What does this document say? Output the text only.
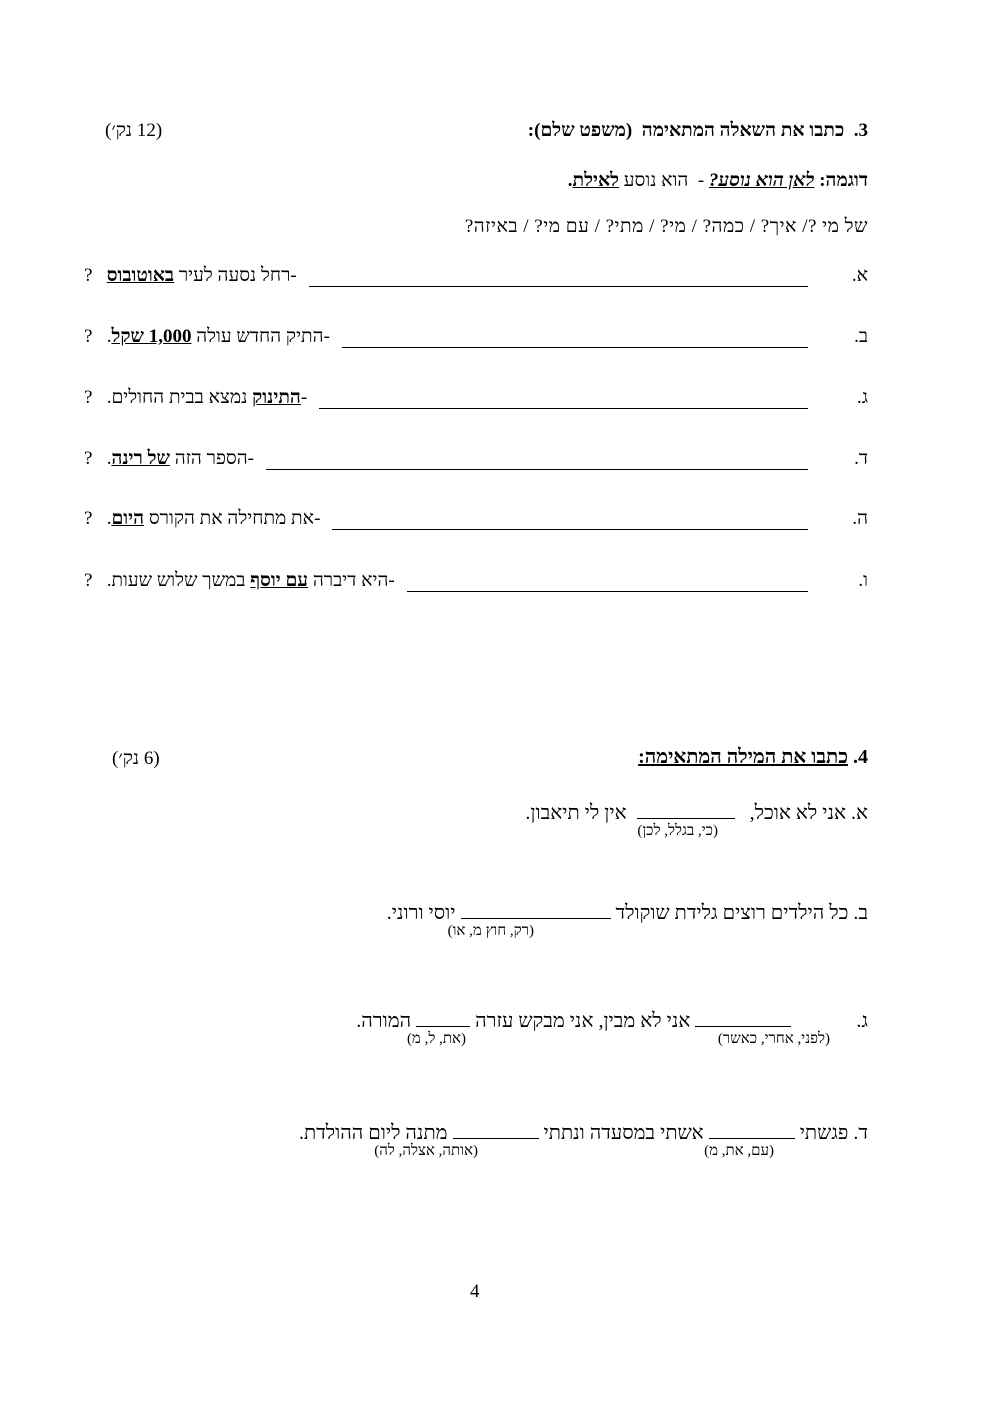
3.  כתבו את השאלה המתאימה  (משפט שלם):
(12 נק׳)
דוגמה: לאן הוא נוסע? -  הוא נוסע לאילת.
של מי ?/ איך? / כמה? / מי? / מתי? / עם מי? / באיזה?
א.
-רחל נסעה לעיר באוטובוס   ?
ב.
-התיק החדש עולה 1,000 שקל.   ?
ג.
-התינוק נמצא בבית החולים.   ?
ד.
-הספר הזה של רינה.   ?
ה.
-את מתחילה את הקורס היום.   ?
ו.
-היא דיברה עם יוסף במשך שלוש שעות.   ?
4. כתבו את המילה המתאימה:
(6 נק׳)
א. אני לא אוכל,     אין לי תיאבון.
(כי, בגלל, לכן)
ב. כל הילדים רוצים גלידת שוקולד  יוסי ורוני.
(רק, חוץ מ, או)
ג.              אני לא מבין, אני מבקש עזרה  המורה.
(לפני, אחרי, כאשר)
(את, ל, מ)
ד. פגשתי  אשתי במסעדה ונתתי  מתנה ליום ההולדת.
(עם, את, מ)
(אותה, אצלה, לה)
4
